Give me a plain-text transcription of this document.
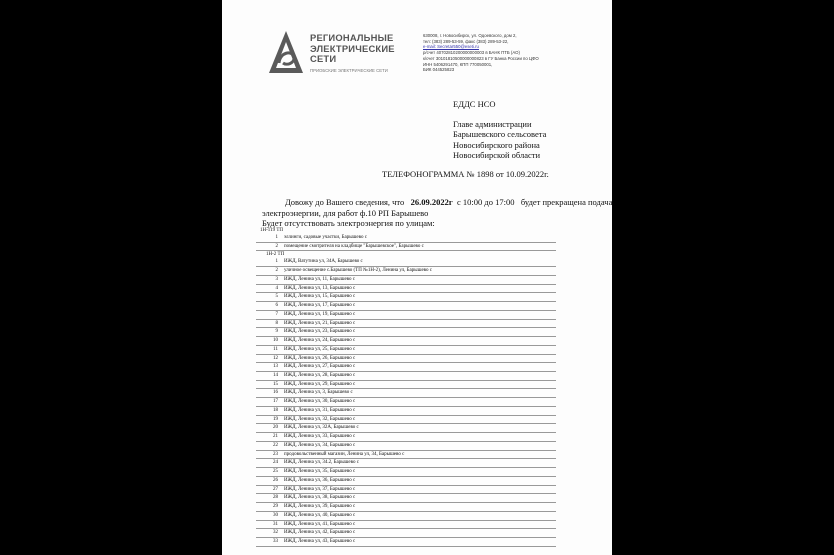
РЕГИОНАЛЬНЫЕ
ЭЛЕКТРИЧЕСКИЕ
СЕТИ
ПРИОБСКИЕ ЭЛЕКТРИЧЕСКИЕ СЕТИ
630008, г. Новосибирск, ул. Одоевского, дом 2,
тел: (383) 289-53-59, факс (383) 289-53-22,
e-mail: Secretar550@eseti.ru
р/счет 40702810200000000003 в БАНК ПТБ (АО)
к/счет 30101810500000000823 в ГУ Банка России по ЦФО
ИНН 5406291470, КПП 770050001,
БИК 044525823
ЕДДС НСО
Главе администрации
Барышевского сельсовета
Новосибирского района
Новосибирской области
ТЕЛЕФОНОГРАММА № 1898 от 10.09.2022г.
Довожу до Вашего сведения, что 26.09.2022г с 10:00 до 17:00 будет прекращена подача
электроэнергии, для работ ф.10 РП Барышево
Будет отсутствовать электроэнергия по улицам:
1Н-119 ТП
1 эллинги, садовые участки, Барышево с
2 помещение смотрителя на кладбище "Барышевское", Барышево с
1Н-2 ТП
1 ИЖД, Ватутина ул, 34А, Барышево с
2 уличное освещение с.Барышево (ТП №1Н-2), Ленина ул, Барышево с
3 ИЖД, Ленина ул, 11, Барышево с
4 ИЖД, Ленина ул, 13, Барышево с
5 ИЖД, Ленина ул, 15, Барышево с
6 ИЖД, Ленина ул, 17, Барышево с
7 ИЖД, Ленина ул, 19, Барышево с
8 ИЖД, Ленина ул, 21, Барышево с
9 ИЖД, Ленина ул, 23, Барышево с
10 ИЖД, Ленина ул, 24, Барышево с
11 ИЖД, Ленина ул, 25, Барышево с
12 ИЖД, Ленина ул, 26, Барышево с
13 ИЖД, Ленина ул, 27, Барышево с
14 ИЖД, Ленина ул, 28, Барышево с
15 ИЖД, Ленина ул, 29, Барышево с
16 ИЖД, Ленина ул, 3, Барышево с
17 ИЖД, Ленина ул, 30, Барышево с
18 ИЖД, Ленина ул, 31, Барышево с
19 ИЖД, Ленина ул, 32, Барышево с
20 ИЖД, Ленина ул, 32А, Барышево с
21 ИЖД, Ленина ул, 33, Барышево с
22 ИЖД, Ленина ул, 34, Барышево с
23 продовольственный магазин, Ленина ул, 34, Барышево с
24 ИЖД, Ленина ул, 34.2, Барышево с
25 ИЖД, Ленина ул, 35, Барышево с
26 ИЖД, Ленина ул, 36, Барышево с
27 ИЖД, Ленина ул, 37, Барышево с
28 ИЖД, Ленина ул, 38, Барышево с
29 ИЖД, Ленина ул, 39, Барышево с
30 ИЖД, Ленина ул, 40, Барышево с
31 ИЖД, Ленина ул, 41, Барышево с
32 ИЖД, Ленина ул, 42, Барышево с
33 ИЖД, Ленина ул, 43, Барышево с
